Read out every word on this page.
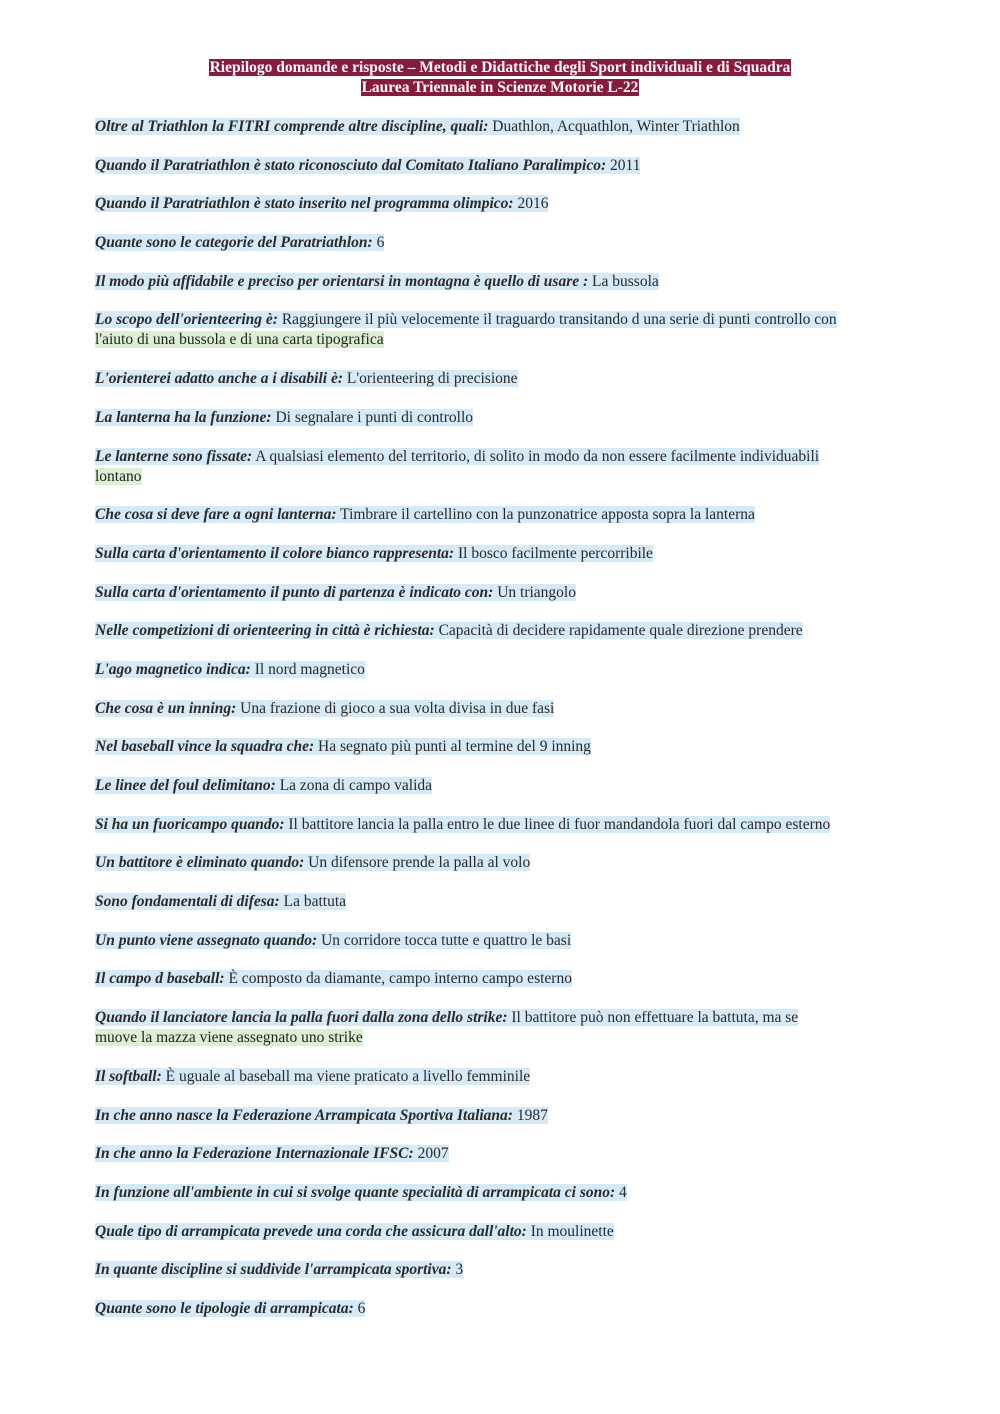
Riepilogo domande e risposte – Metodi e Didattiche degli Sport individuali e di Squadra
Laurea Triennale in Scienze Motorie L-22
Oltre al Triathlon la FITRI comprende altre discipline, quali: Duathlon, Acquathlon, Winter Triathlon
Quando il Paratriathlon è stato riconosciuto dal Comitato Italiano Paralimpico: 2011
Quando il Paratriathlon è stato inserito nel programma olimpico: 2016
Quante sono le categorie del Paratriathlon: 6
Il modo più affidabile e preciso per orientarsi in montagna è quello di usare : La bussola
Lo scopo dell'orienteering è: Raggiungere il più velocemente il traguardo transitando d una serie di punti controllo con
l'aiuto di una bussola e di una carta tipografica
L'orienterei adatto anche a i disabili è: L'orienteering di precisione
La lanterna ha la funzione: Di segnalare i punti di controllo
Le lanterne sono fissate: A qualsiasi elemento del territorio, di solito in modo da non essere facilmente individuabili
lontano
Che cosa si deve fare a ogni lanterna: Timbrare il cartellino con la punzonatrice apposta sopra la lanterna
Sulla carta d'orientamento il colore bianco rappresenta: Il bosco facilmente percorribile
Sulla carta d'orientamento il punto di partenza è indicato con: Un triangolo
Nelle competizioni di orienteering in città è richiesta: Capacità di decidere rapidamente quale direzione prendere
L'ago magnetico indica: Il nord magnetico
Che cosa è un inning: Una frazione di gioco a sua volta divisa in due fasi
Nel baseball vince la squadra che: Ha segnato più punti al termine del 9 inning
Le linee del foul delimitano: La zona di campo valida
Si ha un fuoricampo quando: Il battitore lancia la palla entro le due linee di fuor mandandola fuori dal campo esterno
Un battitore è eliminato quando: Un difensore prende la palla al volo
Sono fondamentali di difesa: La battuta
Un punto viene assegnato quando: Un corridore tocca tutte e quattro le basi
Il campo d baseball: È composto da diamante, campo interno campo esterno
Quando il lanciatore lancia la palla fuori dalla zona dello strike: Il battitore può non effettuare la battuta, ma se
muove la mazza viene assegnato uno strike
Il softball: È uguale al baseball ma viene praticato a livello femminile
In che anno nasce la Federazione Arrampicata Sportiva Italiana: 1987
In che anno la Federazione Internazionale IFSC: 2007
In funzione all'ambiente in cui si svolge quante specialità di arrampicata ci sono: 4
Quale tipo di arrampicata prevede una corda che assicura dall'alto: In moulinette
In quante discipline si suddivide l'arrampicata sportiva: 3
Quante sono le tipologie di arrampicata: 6
